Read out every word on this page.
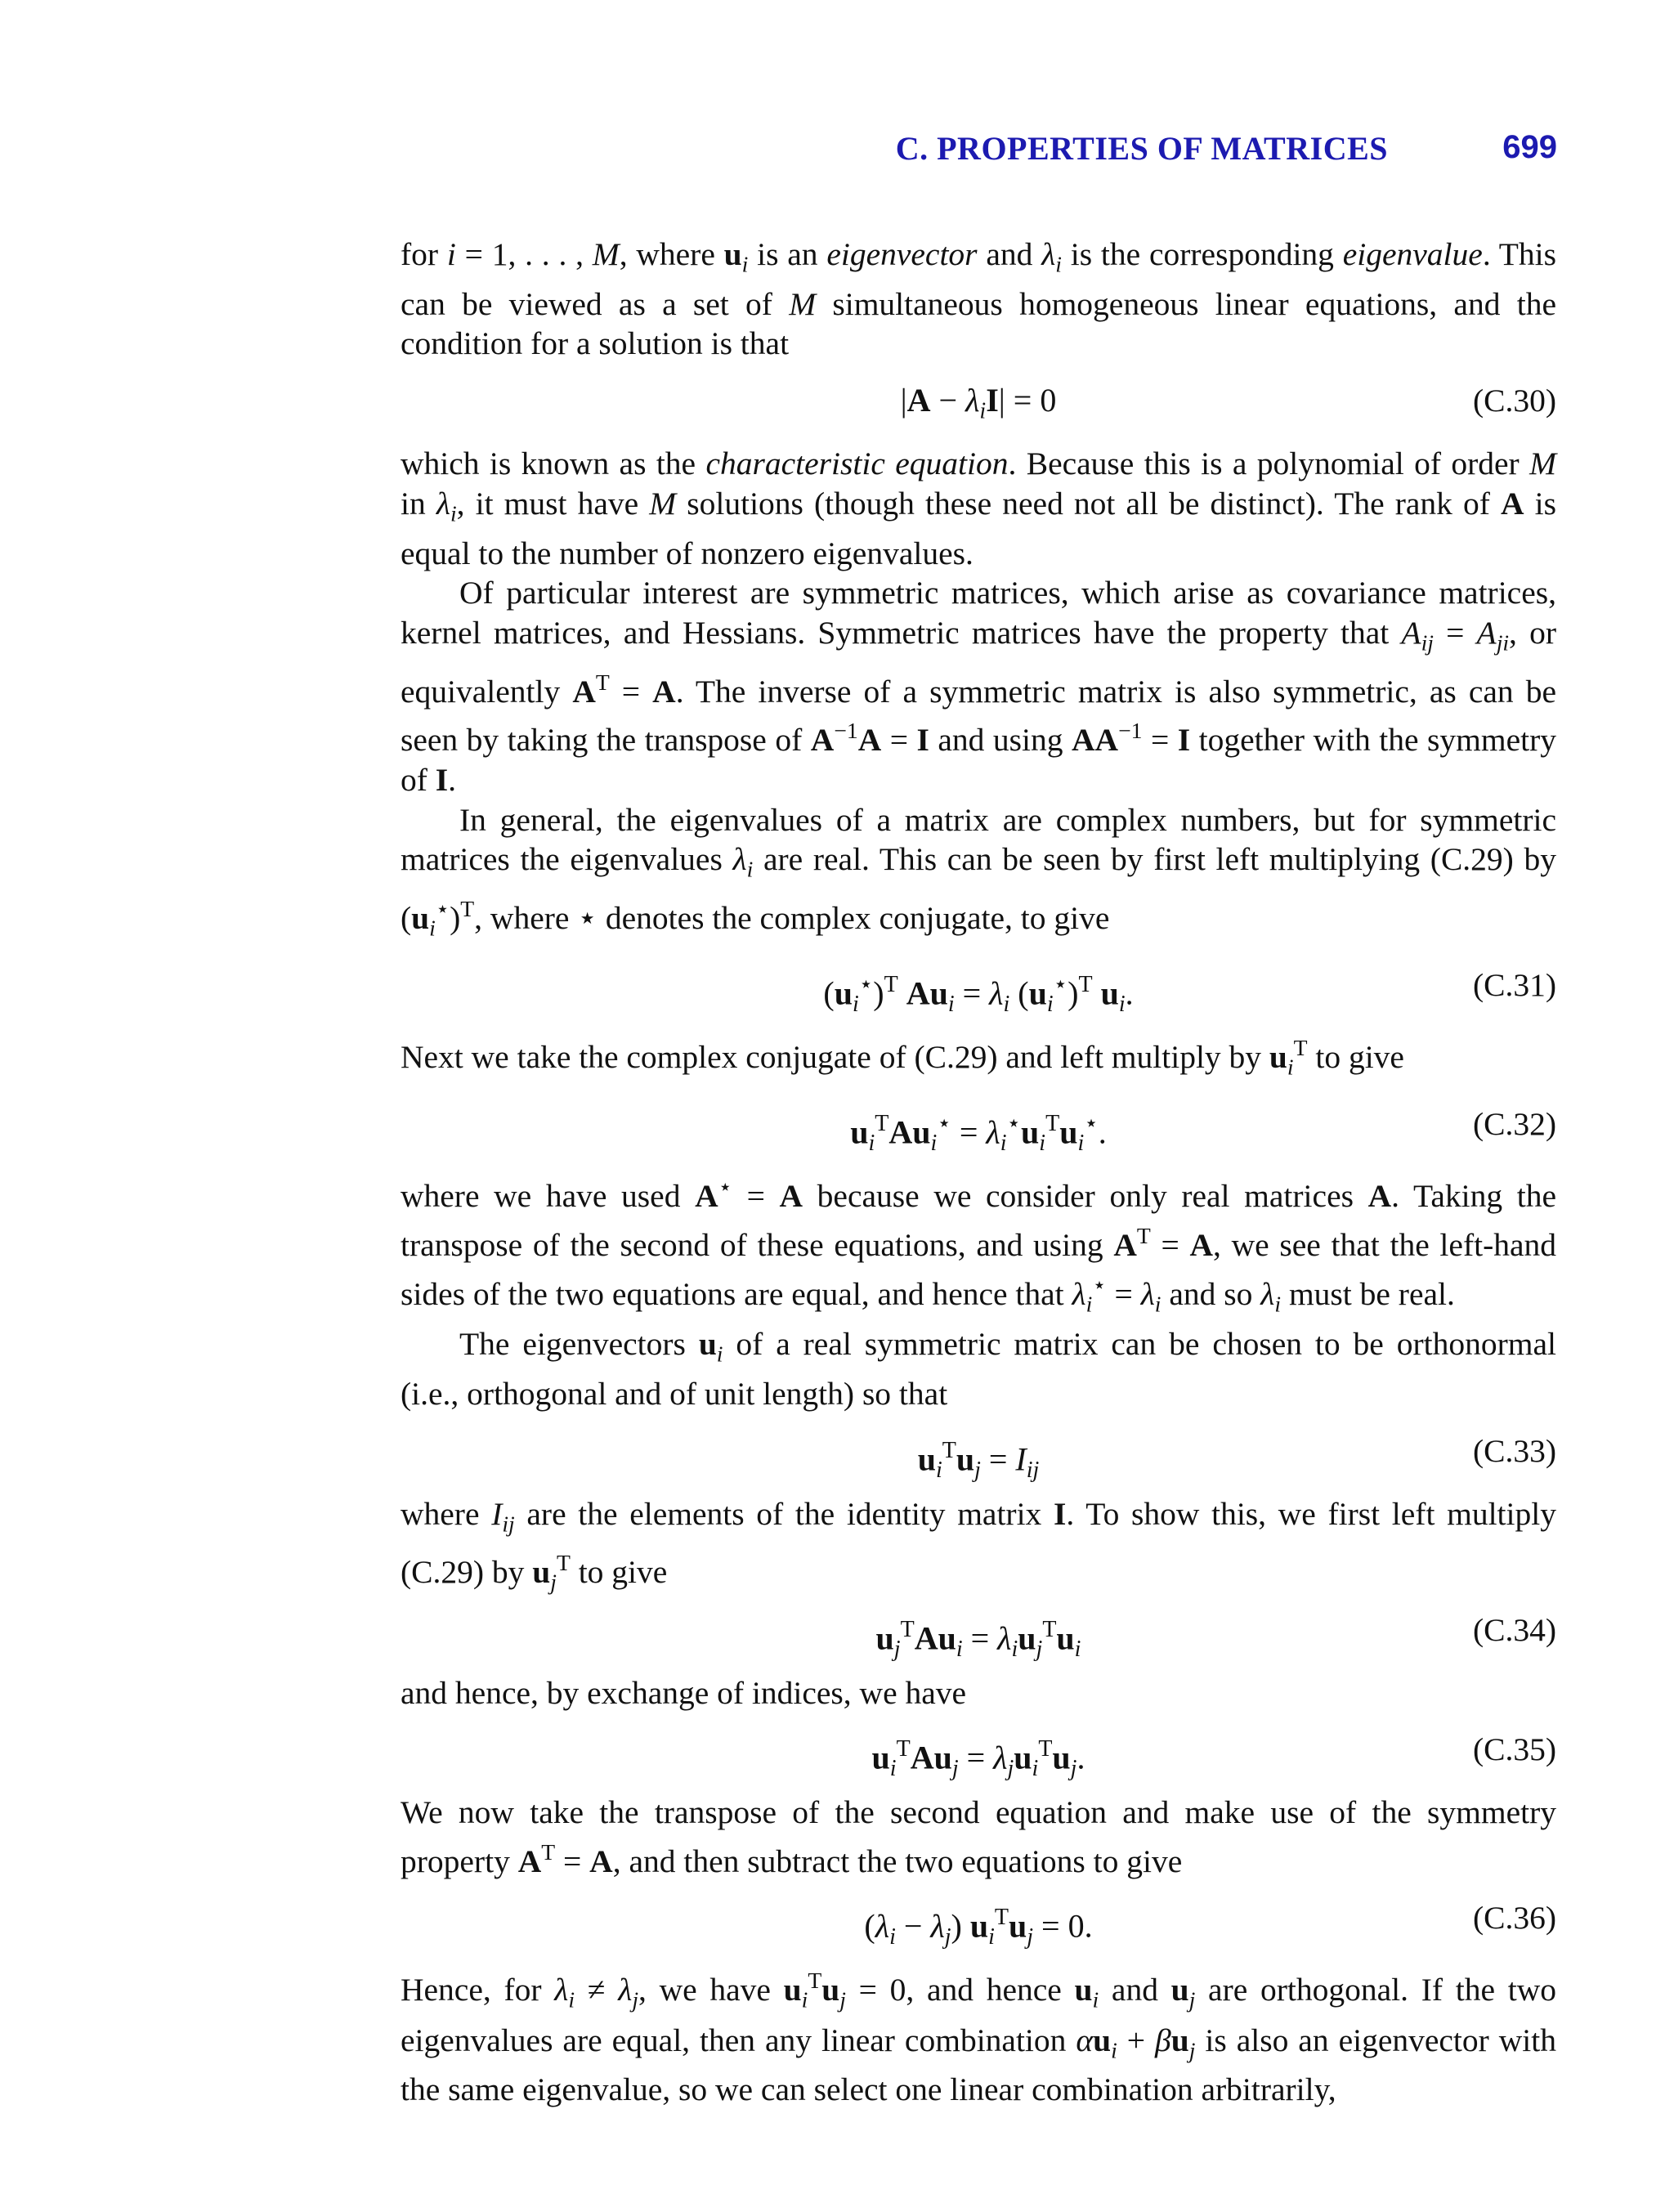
C. PROPERTIES OF MATRICES	699

for i = 1, . . . , M, where $u_i$ is an eigenvector and $\lambda_i$ is the corresponding eigenvalue. This can be viewed as a set of M simultaneous homogeneous linear equations, and the condition for a solution is that

$|A - \lambda_iI| = 0$	(C.30)

which is known as the characteristic equation. Because this is a polynomial of order M in $\lambda_i$, it must have M solutions (though these need not all be distinct). The rank of A is equal to the number of nonzero eigenvalues.

Of particular interest are symmetric matrices, which arise as covariance matrices, kernel matrices, and Hessians. Symmetric matrices have the property that $A_{ij} = A_{ji}$, or equivalently $A^T = A$. The inverse of a symmetric matrix is also symmetric, as can be seen by taking the transpose of $A^{-1}A = I$ and using $AA^{-1} = I$ together with the symmetry of I.

In general, the eigenvalues of a matrix are complex numbers, but for symmetric matrices the eigenvalues $\lambda_i$ are real. This can be seen by first left multiplying (C.29) by $(u_i^⋆)^T$, where ⋆ denotes the complex conjugate, to give

$(u_i^⋆)^T$ $Au_i = \lambda_i$ $(u_i^⋆)^T$ $u_i$.	(C.31)

Next we take the complex conjugate of (C.29) and left multiply by $u_i^T$ to give

$u_i^TAu_i^⋆ = \lambda_i^⋆u_i^Tu_i^⋆$.	(C.32)

where we have used A⋆ = A because we consider only real matrices A. Taking the transpose of the second of these equations, and using $A^T = A$, we see that the left-hand sides of the two equations are equal, and hence that $\lambda_i^⋆ = \lambda_i$ and so $\lambda_i$ must be real.

The eigenvectors $u_i$ of a real symmetric matrix can be chosen to be orthonormal (i.e., orthogonal and of unit length) so that

$u_i^Tu_j = I_{ij}$
(C.33)

where $I_{ij}$ are the elements of the identity matrix I. To show this, we first left multiply (C.29) by $u_j^T$ to give

$u_j^TAu_i = \lambda_iu_j^Tu_i$
(C.34)

and hence, by exchange of indices, we have

$u_i^TAu_j = \lambda_ju_i^Tu_j$.	(C.35)

We now take the transpose of the second equation and make use of the symmetry property $A^T = A$, and then subtract the two equations to give

$(\lambda_i - \lambda_j) u_i^Tu_j = 0$.	(C.36)

Hence, for $\lambda_i \ne \lambda_j$, we have $u_i^Tu_j = 0$, and hence $u_i$ and $u_j$ are orthogonal. If the two eigenvalues are equal, then any linear combination $\alpha u_i + \beta u_j$ is also an eigenvector with the same eigenvalue, so we can select one linear combination arbitrarily,
